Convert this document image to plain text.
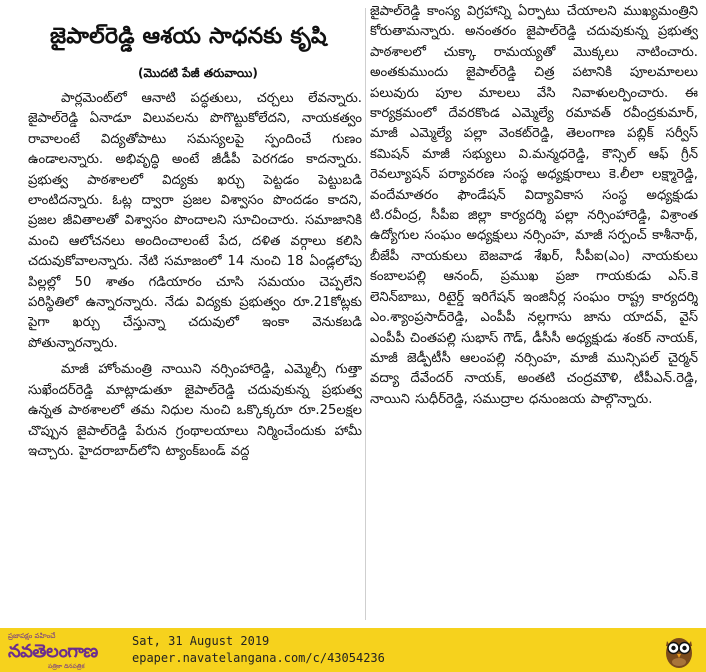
జైపాల్‌రెడ్డి ఆశయ సాధనకు కృషి
(మొదటి పేజీ తరువాయి)

పార్లమెంట్‌లో ఆనాటి పద్ధతులు, చర్చలు లేవన్నారు. జైపాల్‌రెడ్డి ఏనాడూ విలువలను పొగొట్టుకోలేదని, నాయకత్వం రావాలంటే విద్యతోపాటు సమస్యలపై స్పందించే గుణం ఉండాలన్నారు. అభివృద్ధి అంటే జీడీపీ పెరగడం కాదన్నారు. ప్రభుత్వ పాఠశాలలో విద్యకు ఖర్చు పెట్టడం పెట్టుబడి లాంటిదన్నారు. ఓట్ల ద్వారా ప్రజల విశ్వాసం పొందడం కాదని, ప్రజల జీవితాలతో విశ్వాసం పొందాలని సూచించారు. సమాజానికి మంచి ఆలోచనలు అందించాలంటే పేద, దళిత వర్గాలు కలిసి చదువుకోవాలన్నారు. నేటి సమాజంలో 14 నుంచి 18 ఏండ్లలోపు పిల్లల్లో 50 శాతం గడియారం చూసి సమయం చెప్పలేని పరిస్థితిలో ఉన్నారన్నారు. నేడు విద్యకు ప్రభుత్వం రూ.21కోట్లకు పైగా ఖర్చు చేస్తున్నా చదువులో ఇంకా వెనుకబడి పోతున్నారన్నారు.

మాజీ హోంమంత్రి నాయిని నర్సింహారెడ్డి, ఎమ్మెల్సీ గుత్తా సుఖేందర్‌రెడ్డి మాట్లాడుతూ జైపాల్‌రెడ్డి చదువుకున్న ప్రభుత్వ ఉన్నత పాఠశాలలో తమ నిధుల నుంచి ఒక్కొక్కరూ రూ.25లక్షల చొప్పున జైపాల్‌రెడ్డి పేరున గ్రంథాలయాలు నిర్మించేందుకు హామీ ఇచ్చారు. హైదరాబాద్‌లోని ట్యాంక్‌బండ్ వద్ద

జైపాల్‌రెడ్డి కాంస్య విగ్రహాన్ని ఏర్పాటు చేయాలని ముఖ్యమంత్రిని కోరుతామన్నారు. అనంతరం జైపాల్‌రెడ్డి చదువుకున్న ప్రభుత్వ పాఠశాలలో చుక్కా రామయ్యతో మొక్కలు నాటించారు. అంతకుముందు జైపాల్‌రెడ్డి చిత్ర పటానికి పూలమాలలు పలువురు పూల మాలలు వేసి నివాళులర్పించారు. ఈ కార్యక్రమంలో దేవరకొండ ఎమ్మెల్యే రమావత్ రవీంద్రకుమార్, మాజీ ఎమ్మెల్యే పల్లా వెంకట్‌రెడ్డి, తెలంగాణ పబ్లిక్ సర్వీస్ కమిషన్ మాజీ సభ్యులు వి.మన్మధరెడ్డి, కౌన్సిల్ ఆఫ్ గ్రీన్ రెవల్యూషన్ పర్యావరణ సంస్థ అధ్యక్షురాలు కె.లీలా లక్ష్మారెడ్డి, వందేమాతరం ఫౌండేషన్ విద్యావికాస సంస్థ అధ్యక్షుడు టి.రవీంద్ర, సీపీఐ జిల్లా కార్యదర్శి పల్లా నర్సింహారెడ్డి, విశ్రాంత ఉద్యోగుల సంఘం అధ్యక్షులు నర్సింహ, మాజీ సర్పంచ్ కాశీనాథ్, బీజేపీ నాయకులు బెజవాడ శేఖర్, సీపీఐ(ఎం) నాయకులు కంబాలపల్లి ఆనంద్, ప్రముఖ ప్రజా గాయకుడు ఎస్.కె లెనిన్‌బాబు, రిటైర్డ్ ఇరిగేషన్ ఇంజినీర్ల సంఘం రాష్ట్ర కార్యదర్శి ఎం.శ్యాంప్రసాద్‌రెడ్డి, ఎంపీపీ నల్లగాసు జాను యాదవ్, వైస్ ఎంపీపీ చింతపల్లి సుభాస్ గౌడ్, డీసీసీ అధ్యక్షుడు శంకర్ నాయక్, మాజీ జెడ్పీటీసీ ఆలంపల్లి నర్సింహ, మాజీ మున్సిపల్ చైర్మన్ వద్యా దేవేందర్ నాయక్, అంతటి చంద్రమౌళి, టీపీఎన్.రెడ్డి, నాయిని సుధీర్‌రెడ్డి, సముద్రాల ధనుంజయ పాల్గొన్నారు.

ప్రజాపక్షం వహించే
నవతెలంగాణ
పత్రికా దినపత్రిక
Sat, 31 August 2019
epaper.navatelangana.com/c/43054236
